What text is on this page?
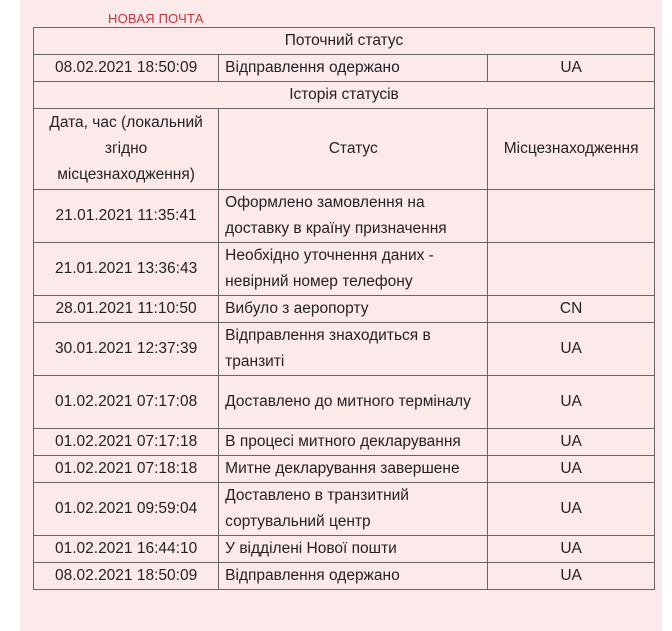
НОВАЯ ПОЧТА
Поточний статус		
08.02.2021 18:50:09	Відправлення одержано	UA
Історія статусів		
Дата, час (локальний згідно місцезнаходження)	Статус	Місцезнаходження
21.01.2021 11:35:41	Оформлено замовлення на доставку в країну призначення	
21.01.2021 13:36:43	Необхідно уточнення даних - невірний номер телефону	
28.01.2021 11:10:50	Вибуло з аеропорту	CN
30.01.2021 12:37:39	Відправлення знаходиться в транзиті	UA
01.02.2021 07:17:08	Доставлено до митного терміналу	UA
01.02.2021 07:17:18	В процесі митного декларування	UA
01.02.2021 07:18:18	Митне декларування завершене	UA
01.02.2021 09:59:04	Доставлено в транзитний сортувальний центр	UA
01.02.2021 16:44:10	У відділені Нової пошти	UA
08.02.2021 18:50:09	Відправлення одержано	UA
